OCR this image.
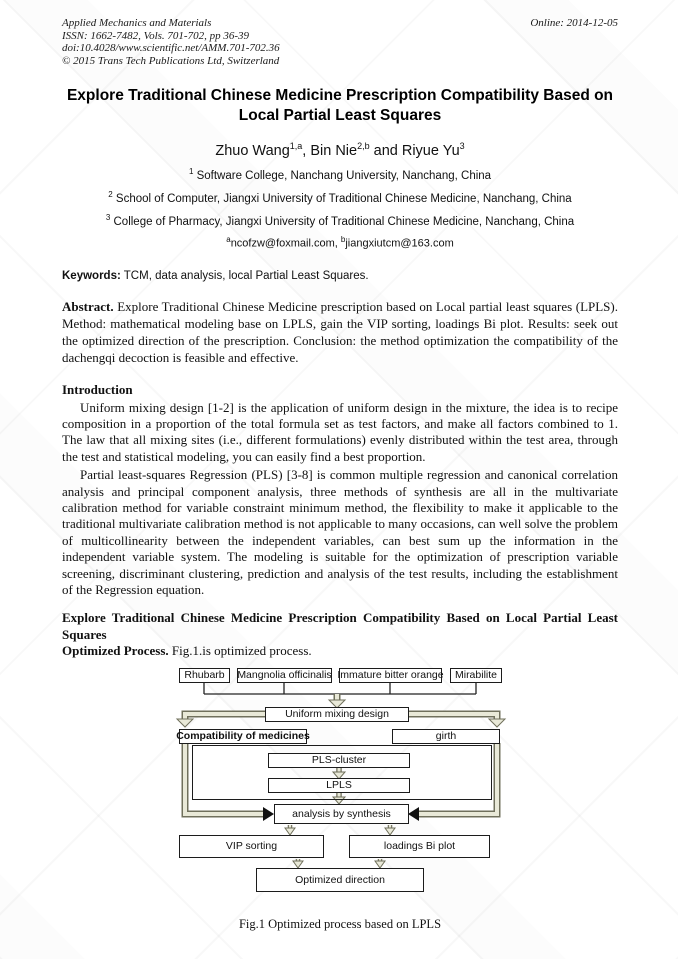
Applied Mechanics and Materials
ISSN: 1662-7482, Vols. 701-702, pp 36-39
doi:10.4028/www.scientific.net/AMM.701-702.36
© 2015 Trans Tech Publications Ltd, Switzerland
Online: 2014-12-05
Explore Traditional Chinese Medicine Prescription Compatibility Based on Local Partial Least Squares
Zhuo Wang$^{1,a}$, Bin Nie$^{2,b}$ and Riyue Yu$^3$
$^1$ Software College, Nanchang University, Nanchang, China
$^2$ School of Computer, Jiangxi University of Traditional Chinese Medicine, Nanchang, China
$^3$ College of Pharmacy, Jiangxi University of Traditional Chinese Medicine, Nanchang, China
$^a$ncofzw@foxmail.com, $^b$jiangxiutcm@163.com
Keywords: TCM, data analysis, local Partial Least Squares.
Abstract. Explore Traditional Chinese Medicine prescription based on Local partial least squares (LPLS). Method: mathematical modeling base on LPLS, gain the VIP sorting, loadings Bi plot. Results: seek out the optimized direction of the prescription. Conclusion: the method optimization the compatibility of the dachengqi decoction is feasible and effective.
Introduction
Uniform mixing design [1-2] is the application of uniform design in the mixture, the idea is to recipe composition in a proportion of the total formula set as test factors, and make all factors combined to 1. The law that all mixing sites (i.e., different formulations) evenly distributed within the test area, through the test and statistical modeling, you can easily find a best proportion.
Partial least-squares Regression (PLS) [3-8] is common multiple regression and canonical correlation analysis and principal component analysis, three methods of synthesis are all in the multivariate calibration method for variable constraint minimum method, the flexibility to make it applicable to the traditional multivariate calibration method is not applicable to many occasions, can well solve the problem of multicollinearity between the independent variables, can best sum up the information in the independent variable system. The modeling is suitable for the optimization of prescription variable screening, discriminant clustering, prediction and analysis of the test results, including the establishment of the Regression equation.
Explore Traditional Chinese Medicine Prescription Compatibility Based on Local Partial Least Squares
Optimized Process. Fig.1.is optimized process.
Rhubarb	Mangnolia officinalis Immature bitter orange	Mirabilite
Uniform mixing design
Compatibility of medicines	girth
PLS-cluster
LPLS
analysis by synthesis
VIP sorting	loadings Bi plot
Optimized direction
Fig.1 Optimized process based on LPLS
